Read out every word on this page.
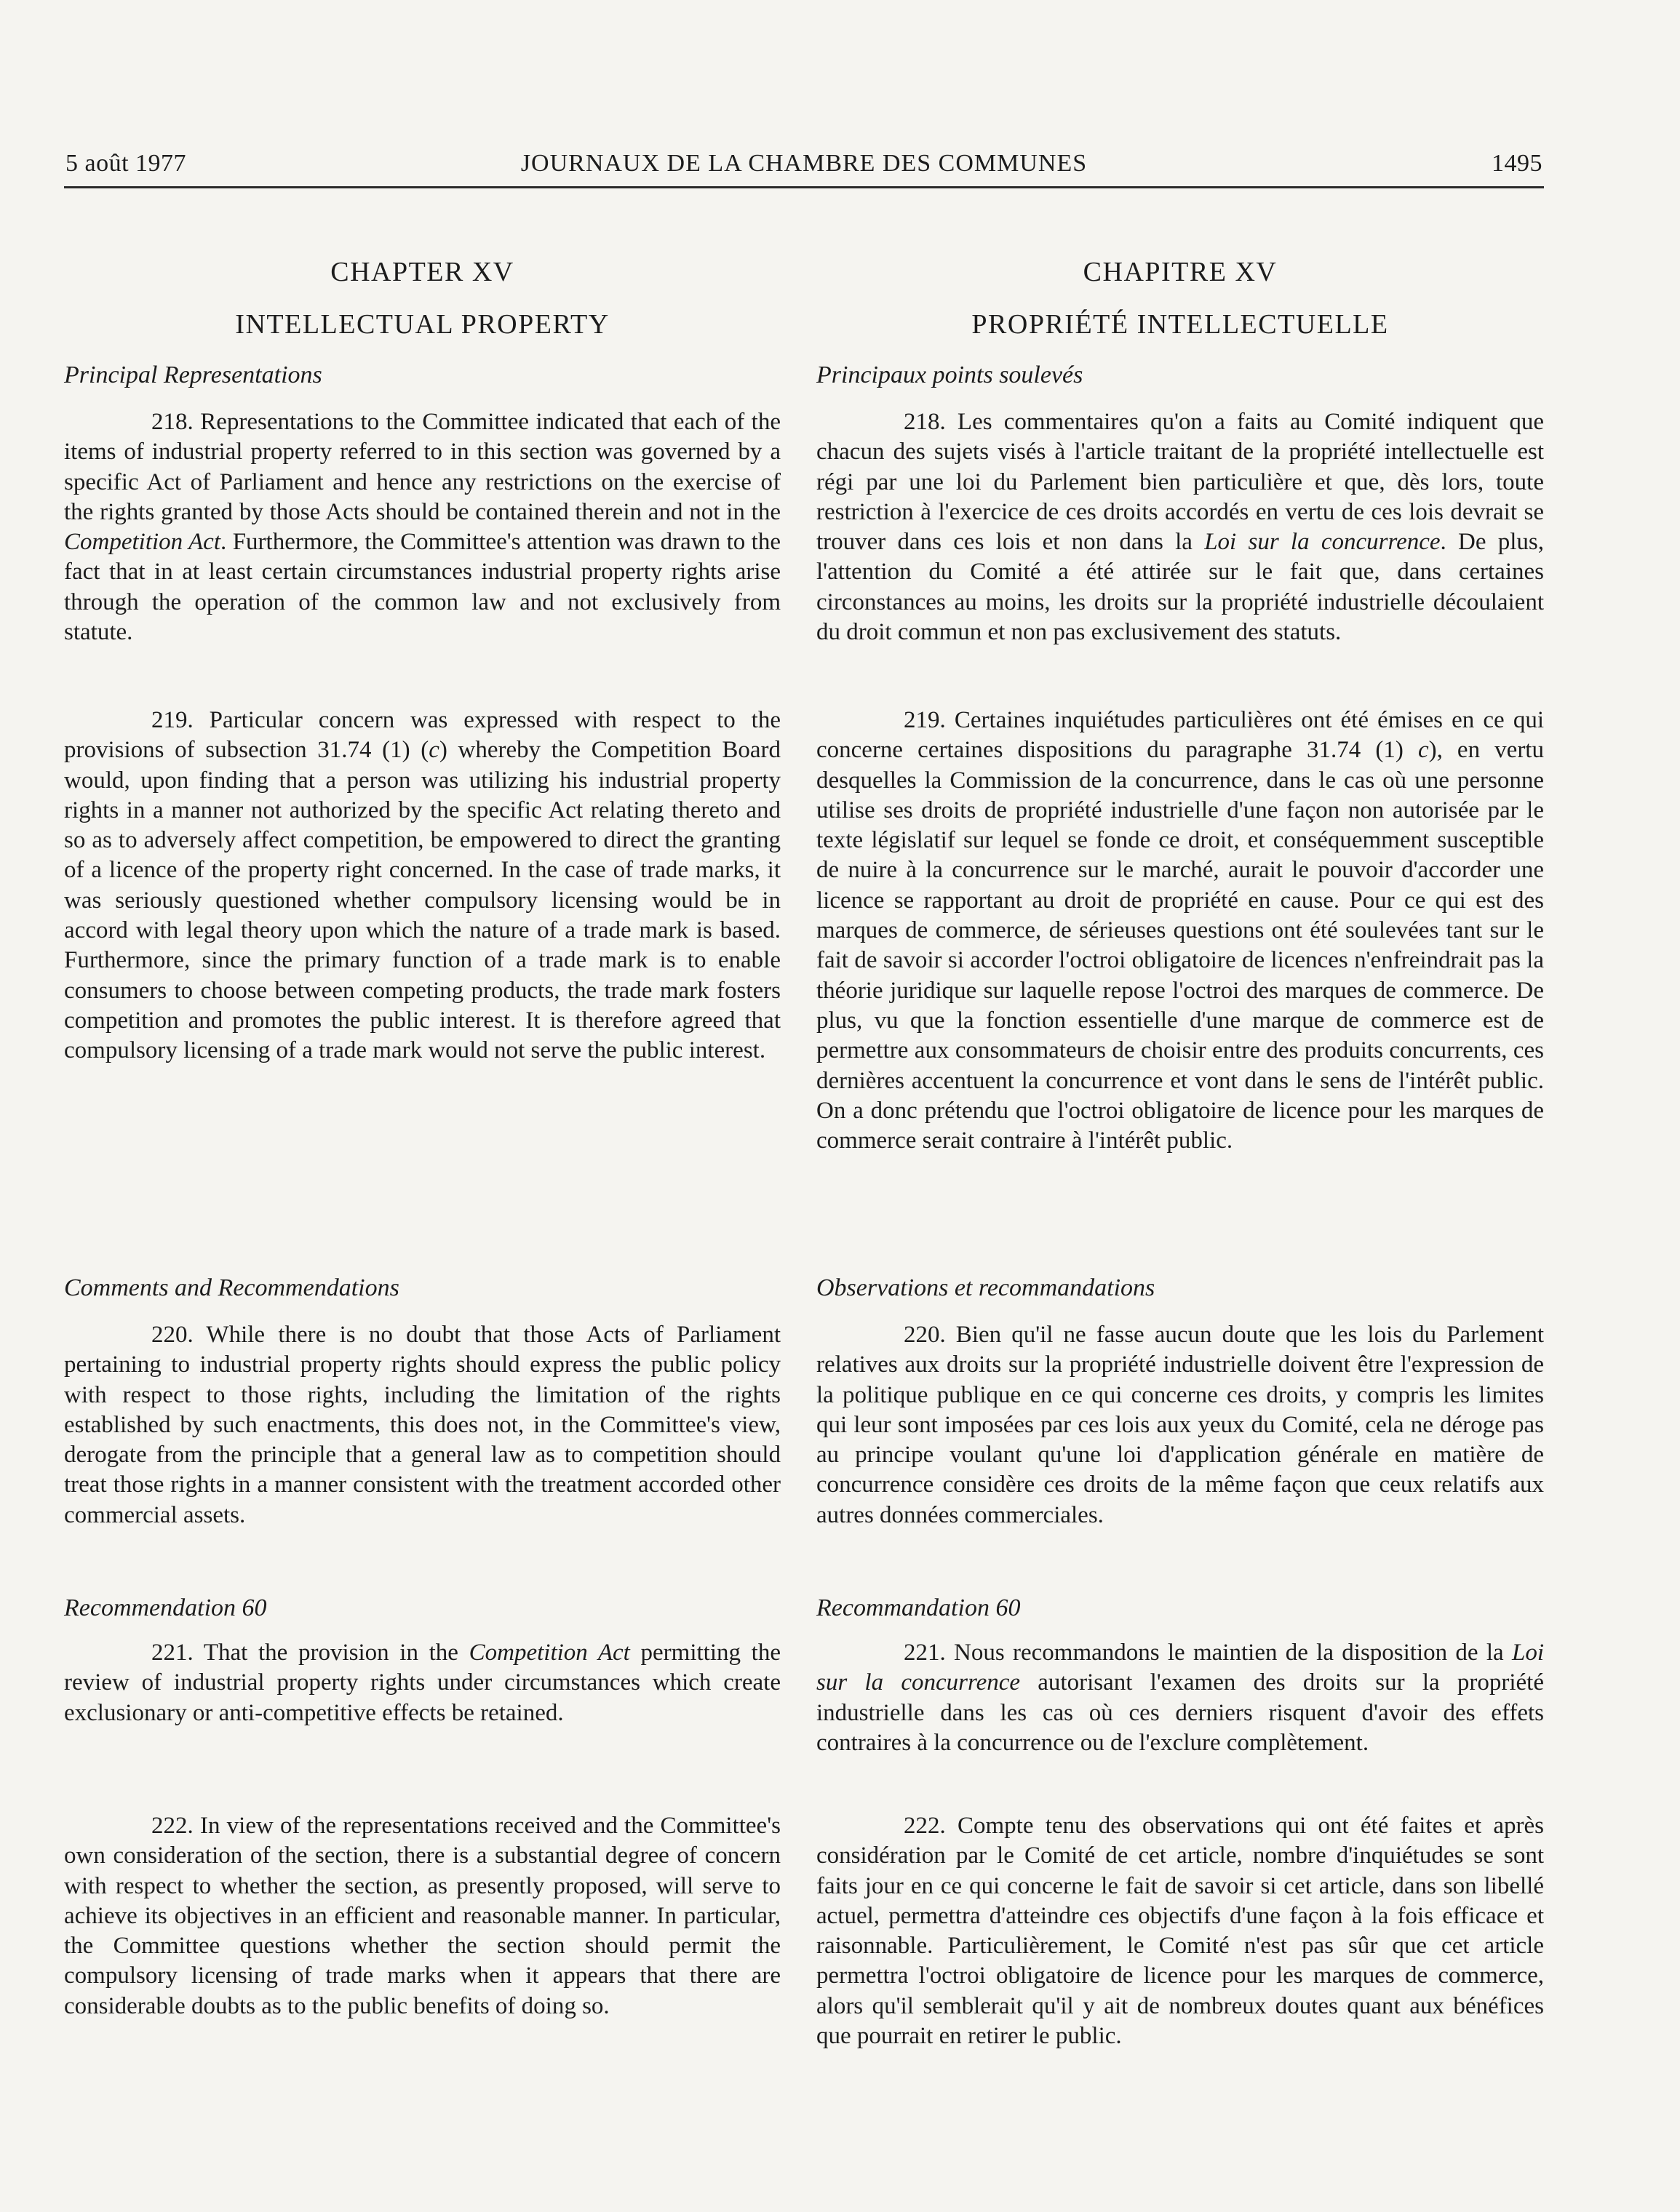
5 août 1977	JOURNAUX DE LA CHAMBRE DES COMMUNES	1495
CHAPTER XV
INTELLECTUAL PROPERTY
Principal Representations
218. Representations to the Committee indicated that each of the items of industrial property referred to in this section was governed by a specific Act of Parliament and hence any restrictions on the exercise of the rights granted by those Acts should be contained therein and not in the Competition Act. Furthermore, the Committee's attention was drawn to the fact that in at least certain circumstances industrial property rights arise through the operation of the common law and not exclusively from statute.
219. Particular concern was expressed with respect to the provisions of subsection 31.74 (1) (c) whereby the Competition Board would, upon finding that a person was utilizing his industrial property rights in a manner not authorized by the specific Act relating thereto and so as to adversely affect competition, be empowered to direct the granting of a licence of the property right concerned. In the case of trade marks, it was seriously questioned whether compulsory licensing would be in accord with legal theory upon which the nature of a trade mark is based. Furthermore, since the primary function of a trade mark is to enable consumers to choose between competing products, the trade mark fosters competition and promotes the public interest. It is therefore agreed that compulsory licensing of a trade mark would not serve the public interest.
Comments and Recommendations
220. While there is no doubt that those Acts of Parliament pertaining to industrial property rights should express the public policy with respect to those rights, including the limitation of the rights established by such enactments, this does not, in the Committee's view, derogate from the principle that a general law as to competition should treat those rights in a manner consistent with the treatment accorded other commercial assets.
Recommendation 60
221. That the provision in the Competition Act permitting the review of industrial property rights under circumstances which create exclusionary or anti-competitive effects be retained.
222. In view of the representations received and the Committee's own consideration of the section, there is a substantial degree of concern with respect to whether the section, as presently proposed, will serve to achieve its objectives in an efficient and reasonable manner. In particular, the Committee questions whether the section should permit the compulsory licensing of trade marks when it appears that there are considerable doubts as to the public benefits of doing so.
CHAPITRE XV
PROPRIÉTÉ INTELLECTUELLE
Principaux points soulevés
218. Les commentaires qu'on a faits au Comité indiquent que chacun des sujets visés à l'article traitant de la propriété intellectuelle est régi par une loi du Parlement bien particulière et que, dès lors, toute restriction à l'exercice de ces droits accordés en vertu de ces lois devrait se trouver dans ces lois et non dans la Loi sur la concurrence. De plus, l'attention du Comité a été attirée sur le fait que, dans certaines circonstances au moins, les droits sur la propriété industrielle découlaient du droit commun et non pas exclusivement des statuts.
219. Certaines inquiétudes particulières ont été émises en ce qui concerne certaines dispositions du paragraphe 31.74 (1) c), en vertu desquelles la Commission de la concurrence, dans le cas où une personne utilise ses droits de propriété industrielle d'une façon non autorisée par le texte législatif sur lequel se fonde ce droit, et conséquemment susceptible de nuire à la concurrence sur le marché, aurait le pouvoir d'accorder une licence se rapportant au droit de propriété en cause. Pour ce qui est des marques de commerce, de sérieuses questions ont été soulevées tant sur le fait de savoir si accorder l'octroi obligatoire de licences n'enfreindrait pas la théorie juridique sur laquelle repose l'octroi des marques de commerce. De plus, vu que la fonction essentielle d'une marque de commerce est de permettre aux consommateurs de choisir entre des produits concurrents, ces dernières accentuent la concurrence et vont dans le sens de l'intérêt public. On a donc prétendu que l'octroi obligatoire de licence pour les marques de commerce serait contraire à l'intérêt public.
Observations et recommandations
220. Bien qu'il ne fasse aucun doute que les lois du Parlement relatives aux droits sur la propriété industrielle doivent être l'expression de la politique publique en ce qui concerne ces droits, y compris les limites qui leur sont imposées par ces lois aux yeux du Comité, cela ne déroge pas au principe voulant qu'une loi d'application générale en matière de concurrence considère ces droits de la même façon que ceux relatifs aux autres données commerciales.
Recommandation 60
221. Nous recommandons le maintien de la disposition de la Loi sur la concurrence autorisant l'examen des droits sur la propriété industrielle dans les cas où ces derniers risquent d'avoir des effets contraires à la concurrence ou de l'exclure complètement.
222. Compte tenu des observations qui ont été faites et après considération par le Comité de cet article, nombre d'inquiétudes se sont faits jour en ce qui concerne le fait de savoir si cet article, dans son libellé actuel, permettra d'atteindre ces objectifs d'une façon à la fois efficace et raisonnable. Particulièrement, le Comité n'est pas sûr que cet article permettra l'octroi obligatoire de licence pour les marques de commerce, alors qu'il semblerait qu'il y ait de nombreux doutes quant aux bénéfices que pourrait en retirer le public.
